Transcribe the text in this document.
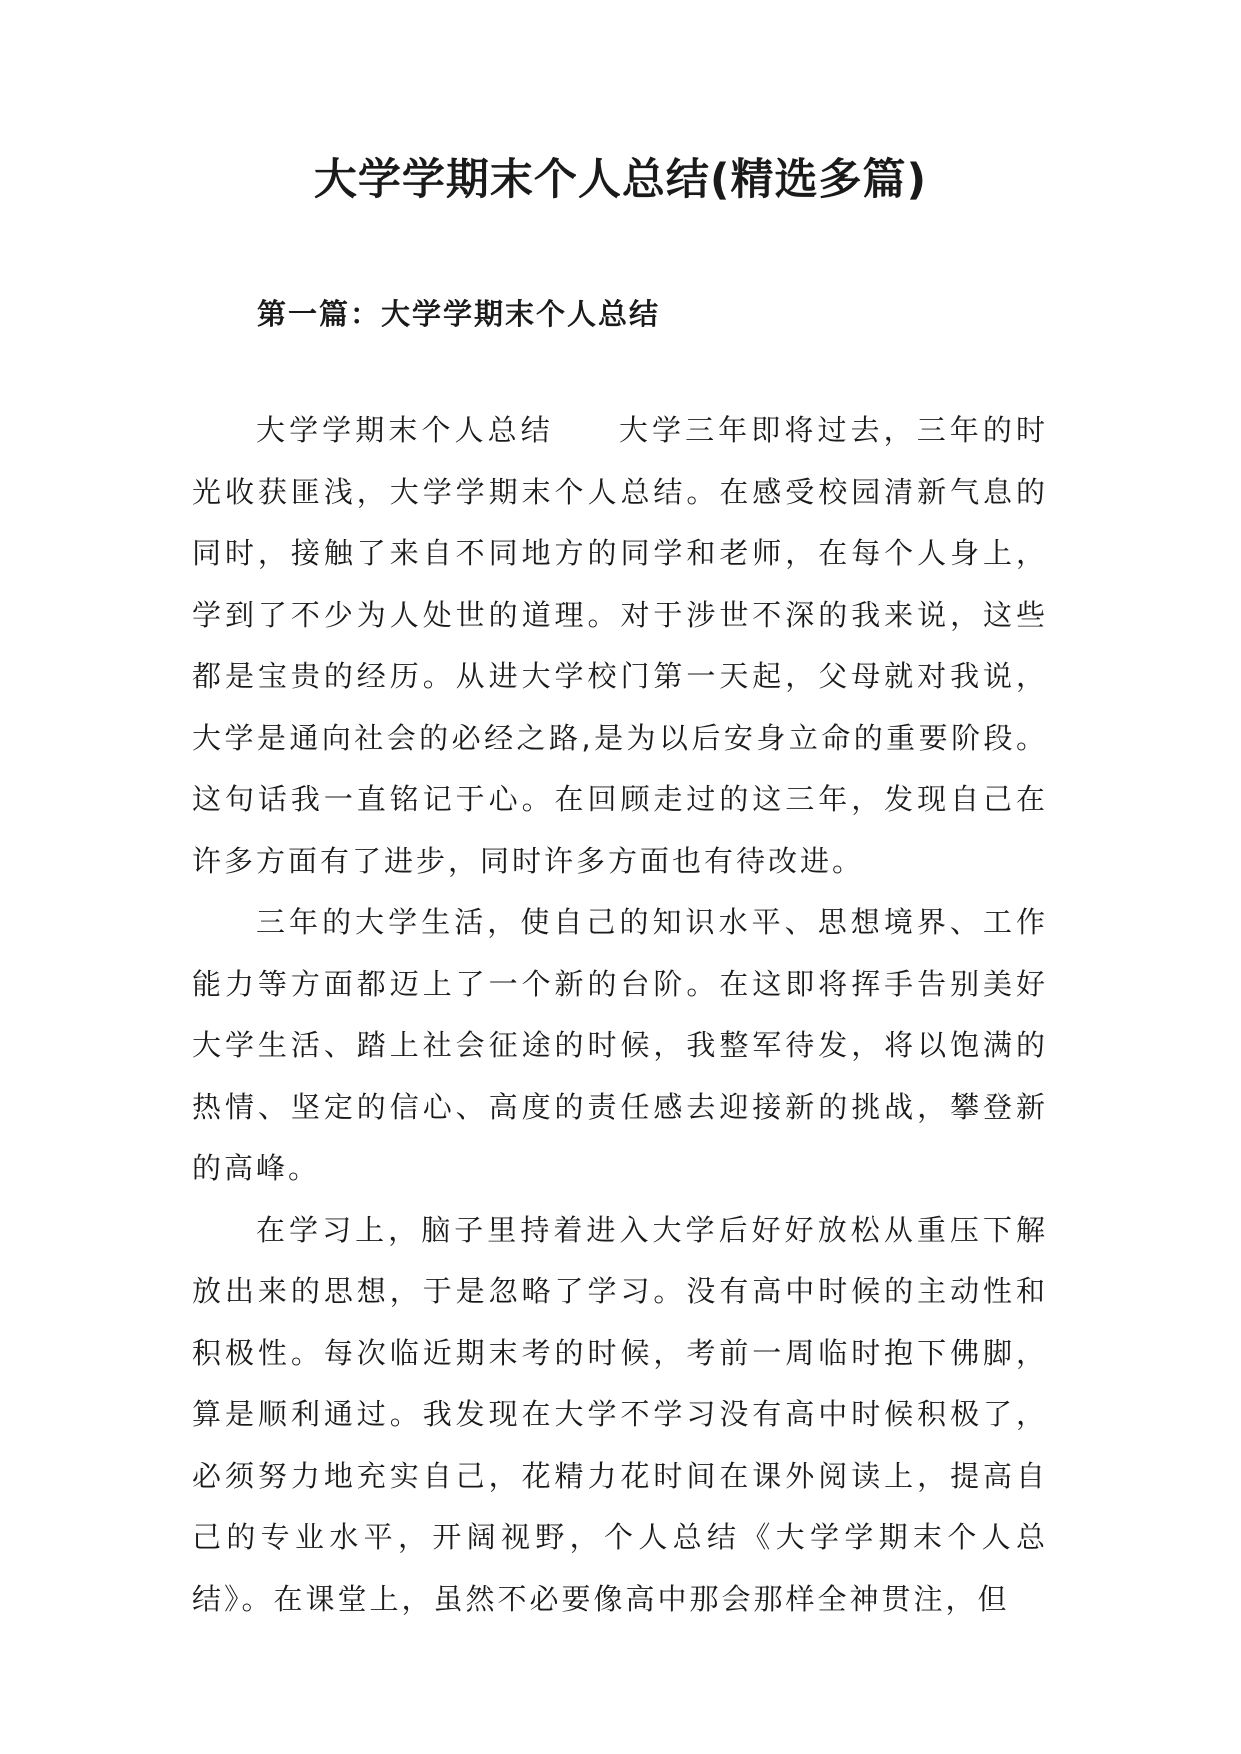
大学学期末个人总结(精选多篇)
第一篇：大学学期末个人总结

大学学期末个人总结 大学三年即将过去，三年的时光收获匪浅，大学学期末个人总结。在感受校园清新气息的同时，接触了来自不同地方的同学和老师，在每个人身上，学到了不少为人处世的道理。对于涉世不深的我来说，这些都是宝贵的经历。从进大学校门第一天起，父母就对我说，大学是通向社会的必经之路,是为以后安身立命的重要阶段。这句话我一直铭记于心。在回顾走过的这三年，发现自己在许多方面有了进步，同时许多方面也有待改进。

三年的大学生活，使自己的知识水平、思想境界、工作能力等方面都迈上了一个新的台阶。在这即将挥手告别美好大学生活、踏上社会征途的时候，我整军待发，将以饱满的热情、坚定的信心、高度的责任感去迎接新的挑战，攀登新的高峰。

在学习上，脑子里持着进入大学后好好放松从重压下解放出来的思想，于是忽略了学习。没有高中时候的主动性和积极性。每次临近期末考的时候，考前一周临时抱下佛脚，算是顺利通过。我发现在大学不学习没有高中时候积极了，必须努力地充实自己，花精力花时间在课外阅读上，提高自己的专业水平，开阔视野，个人总结《大学学期末个人总结》。在课堂上，虽然不必要像高中那会那样全神贯注，但
